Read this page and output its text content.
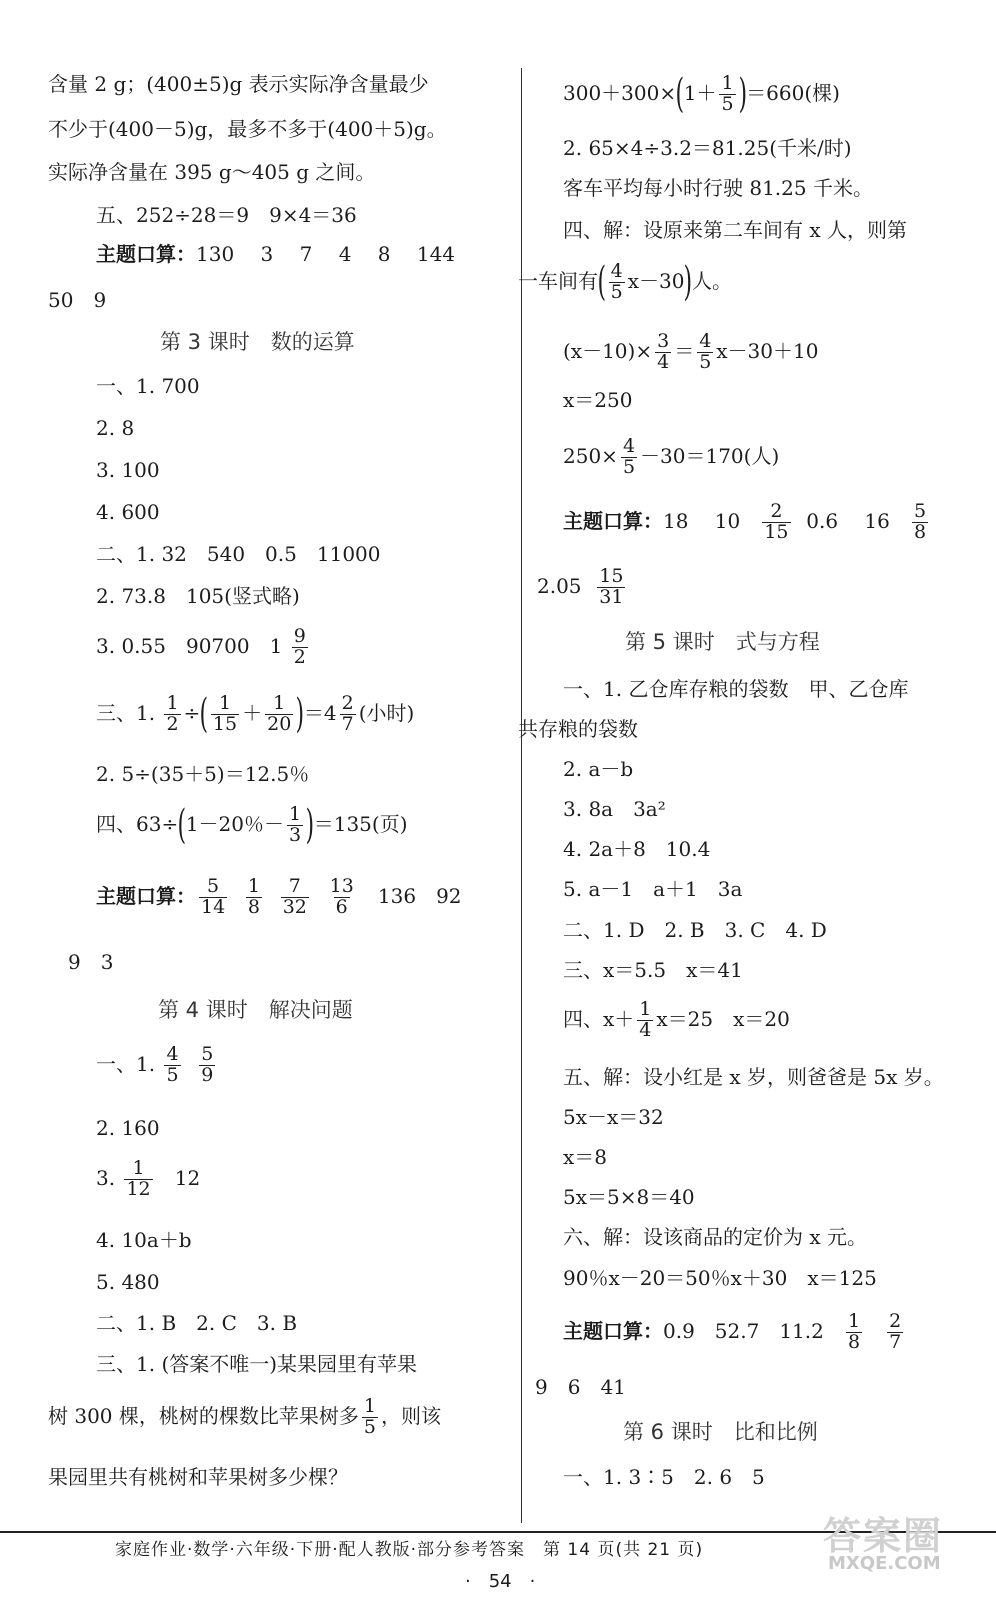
含量 2 g；(400±5)g 表示实际净含量最少
不少于(400－5)g，最多不多于(400＋5)g。
实际净含量在 395 g～405 g 之间。
五、252÷28＝9　9×4＝36
主题口算：130　 3　 7　 4　 8　 144
50　9
第 3 课时　数的运算
一、1. 700
2. 8
3. 100
4. 600
二、1. 32　540　0.5　11000
2. 73.8　105(竖式略)
3. 0.55　90700　$1 \frac{9}{2}$
三、1. $\frac{1}{2}$ ÷( $\frac{1}{15} + \frac{1}{20} )=4 \frac{2}{7}$ (小时)
2. 5÷(35＋5)＝12.5％
四、63÷(1－20％－ $\frac{1}{3} )=135$(页)
主题口算： $\frac{5}{14}$
$\frac{1}{8}$
$\frac{7}{32}$
$\frac{13}{6} 136$　92
9　3
第 4 课时　解决问题
一、1. $\frac{4}{5}$
$\frac{5}{9}$
2. 160
3. $\frac{1}{12} 12$
4. 10a＋b
5. 480
二、1. B　2. C　3. B
三、1. (答案不唯一)某果园里有苹果
树 300 棵，桃树的棵数比苹果树多 $\frac{1}{5}$ ，则该
果园里共有桃树和苹果树多少棵？
$300+300\times(1+ \frac{1}{5} )=660$(棵)
2. 65×4÷3.2＝81.25(千米/时)
客车平均每小时行驶 81.25 千米。
四、解：设原来第二车间有 x 人，则第
一车间有( $\frac{4}{5} x-30$)人。
$(x-10)\times \frac{3}{4} = \frac{4}{5} x-30+10$
x＝250
$250\times \frac{4}{5} -30=170$(人)
主题口算：18　 $10 \frac{2}{15} 0.6$　 $16 \frac{5}{8}$
$2.05 \frac{15}{31}$
第 5 课时　式与方程
一、1. 乙仓库存粮的袋数　甲、乙仓库
共存粮的袋数
2. a－b
3. 8a　3a²
4. 2a＋8　10.4
5. a－1　a＋1　3a
二、1. D　2. B　3. C　4. D
三、x＝5.5　x＝41
四、$x+ \frac{1}{4} x=25$　x＝20
五、解：设小红是 x 岁，则爸爸是 5x 岁。
5x－x＝32
x＝8
5x＝5×8＝40
六、解：设该商品的定价为 x 元。
90％x－20＝50％x＋30　x＝125
主题口算：0.9　52.7　$11.2 \frac{1}{8}$
$\frac{2}{7}$
9　6　41
第 6 课时　比和比例
一、1. 3∶5　2. 6　5
家庭作业·数学·六年级·下册·配人教版·部分参考答案　第 14 页(共 21 页)
·　54　·
答案圈
MXQE.COM
